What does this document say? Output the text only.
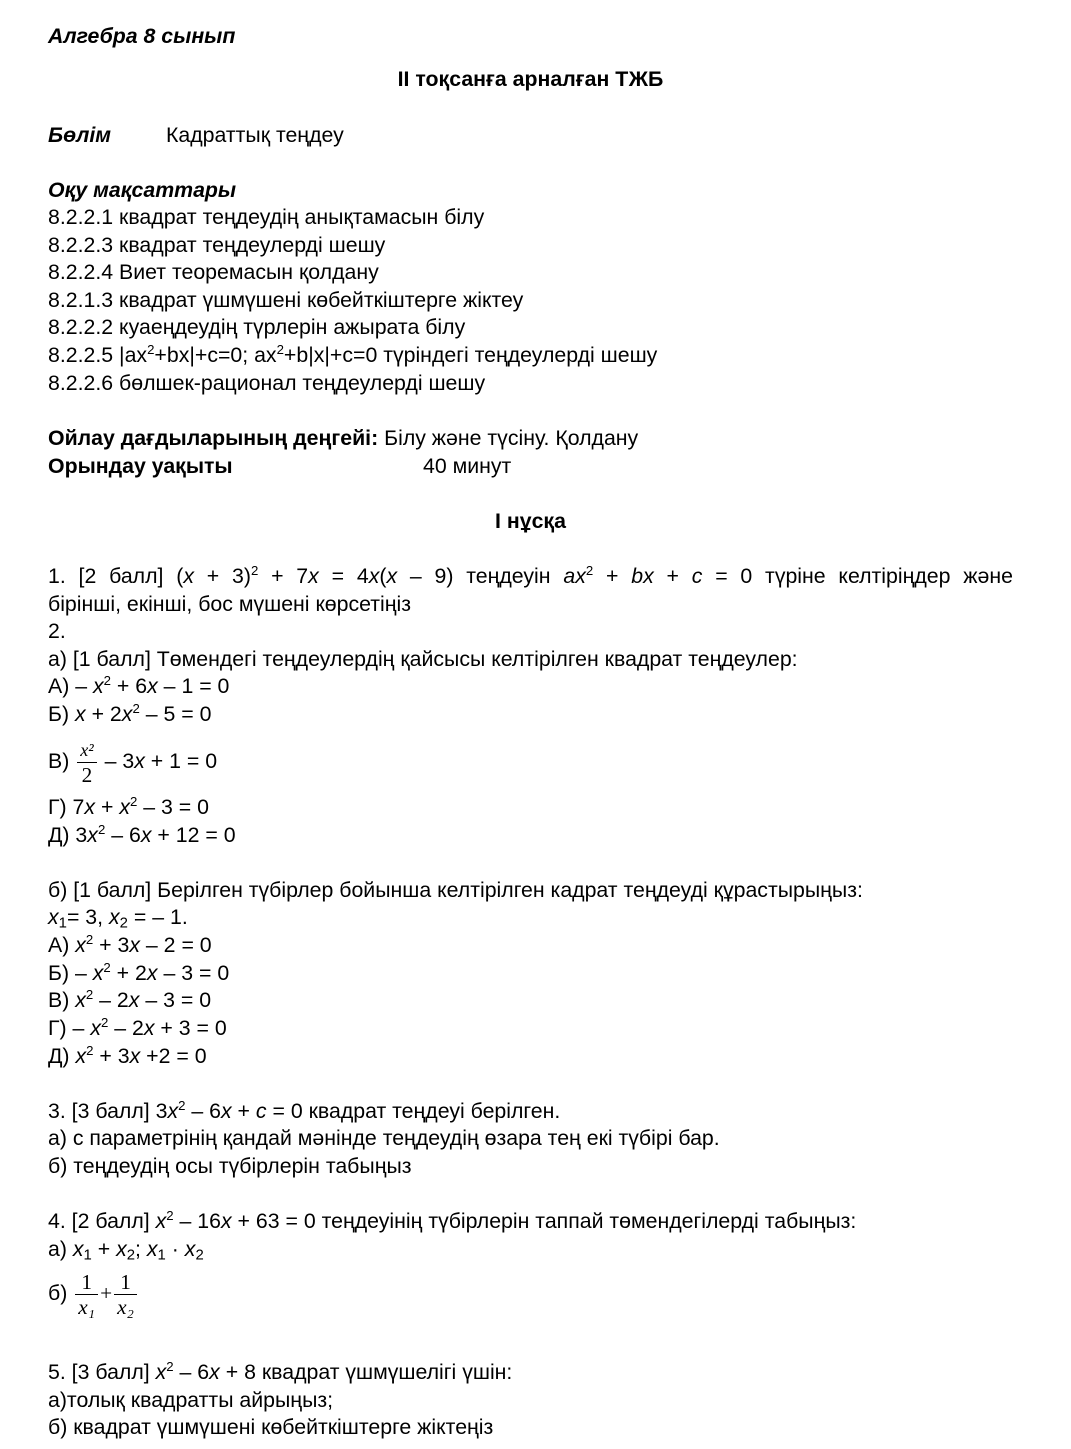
Алгебра 8 сынып
ІІ тоқсанға арналған ТЖБ
Бөлім	Кадраттық теңдеу
Оқу мақсаттары
8.2.2.1 квадрат теңдеудің анықтамасын білу
8.2.2.3 квадрат теңдеулерді шешу
8.2.2.4 Виет теоремасын қолдану
8.2.1.3 квадрат үшмүшені көбейткіштерге жіктеу
8.2.2.2 куаеңдеудің түрлерін ажырата білу
8.2.2.5 $|ax^2+bx|+c=0$; $ax^2+b|x|+c=0$ түріндегі теңдеулерді шешу
8.2.2.6 бөлшек-рационал теңдеулерді шешу
Ойлау дағдыларының деңгейі: Білу және түсіну. Қолдану
Орындау уақыты	40 минут
І нұсқа
1. [2 балл] $(x + 3)^2 + 7x = 4x(x - 9)$ теңдеуін $ax^2$ + bx + c = 0 түріне келтіріңдер және
бірінші, екінші, бос мүшені көрсетіңіз
2.
а) [1 балл] Төмендегі теңдеулердің қайсысы келтірілген квадрат теңдеулер:
$А) - x^2 + 6x - 1 = 0$
Б) $x + 2x^2 - 5 = 0$
$В) \frac{\text{x²}}{2} - 3x + 1 = 0$
Г) $7x + x^2 - 3 = 0$
Д) $3x^2 - 6x + 12 = 0$
б) [1 балл] Берілген түбірлер бойынша келтірілген кадрат теңдеуді құрастырыңыз:
$x_1= 3$, $x_2$ = – 1.
А) $x^2 + 3x - 2 = 0$
$Б) - x^2 + 2x - 3 = 0$
В) $x^2 - 2x - 3 = 0$
$Г) - x^2 - 2x + 3 = 0$
Д) $x^2 + 3x +2 = 0$
3. [3 балл] $3x^2 - 6x + c = 0$ квадрат теңдеуі берілген.
а) с параметрінің қандай мәнінде теңдеудің өзара тең екі түбірі бар.
б) теңдеудің осы түбірлерін табыңыз
4. [2 балл] $x^2 - 16x + 63 = 0$ теңдеуінің түбірлерін таппай төмендегілерді табыңыз:
а) $x_1 + x_2$; $x_1 \cdot x_2$
$б) \frac{1}{\text{x₁}} + \frac{1}{\text{x₂}}$
5. [3 балл] $x^2 - 6x + 8$ квадрат үшмүшелігі үшін:
а)толық квадратты айрыңыз;
б) квадрат үшмүшені көбейткіштерге жіктеңіз
